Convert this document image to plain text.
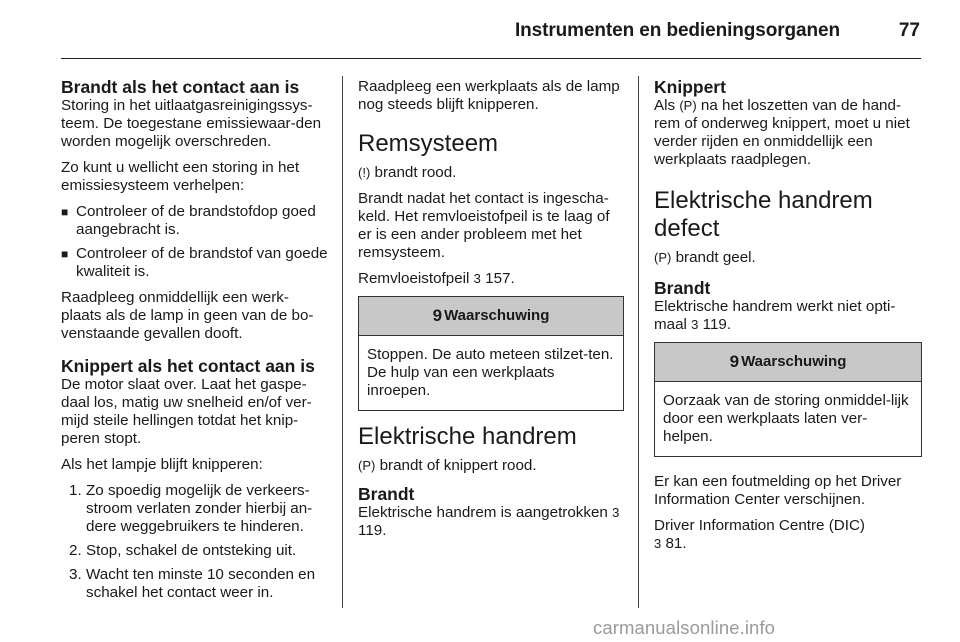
Instrumenten en bedieningsorganen	77
Brandt als het contact aan is

Storing in het uitlaatgasreinigingssys-teem. De toegestane emissiewaar-den worden mogelijk overschreden.

Zo kunt u wellicht een storing in het emissiesysteem verhelpen:

■ Controleer of de brandstofdop goed aangebracht is.
■ Controleer of de brandstof van goede kwaliteit is.

Raadpleeg onmiddellijk een werk-plaats als de lamp in geen van de bo-venstaande gevallen dooft.

Knippert als het contact aan is

De motor slaat over. Laat het gaspe-daal los, matig uw snelheid en/of ver-mijd steile hellingen totdat het knip-peren stopt.

Als het lampje blijft knipperen:

1. Zo spoedig mogelijk de verkeers-stroom verlaten zonder hierbij an-dere weggebruikers te hinderen.
2. Stop, schakel de ontsteking uit.
3. Wacht ten minste 10 seconden en schakel het contact weer in.

Raadpleeg een werkplaats als de lamp nog steeds blijft knipperen.

Remsysteem

(!) brandt rood.

Brandt nadat het contact is ingescha-keld. Het remvloeistofpeil is te laag of er is een ander probleem met het remsysteem.

Remvloeistofpeil 3 157.

9 Waarschuwing

Stoppen. De auto meteen stilzet-ten. De hulp van een werkplaats inroepen.

Elektrische handrem

(P) brandt of knippert rood.

Brandt

Elektrische handrem is aangetrokken 3 119.

Knippert

Als (P) na het loszetten van de hand-rem of onderweg knippert, moet u niet verder rijden en onmiddellijk een werkplaats raadplegen.

Elektrische handrem defect

(P) brandt geel.

Brandt

Elektrische handrem werkt niet opti-maal 3 119.

9 Waarschuwing

Oorzaak van de storing onmiddel-lijk door een werkplaats laten ver-helpen.

Er kan een foutmelding op het Driver Information Center verschijnen.

Driver Information Centre (DIC)
3 81.

carmanualsonline.info
